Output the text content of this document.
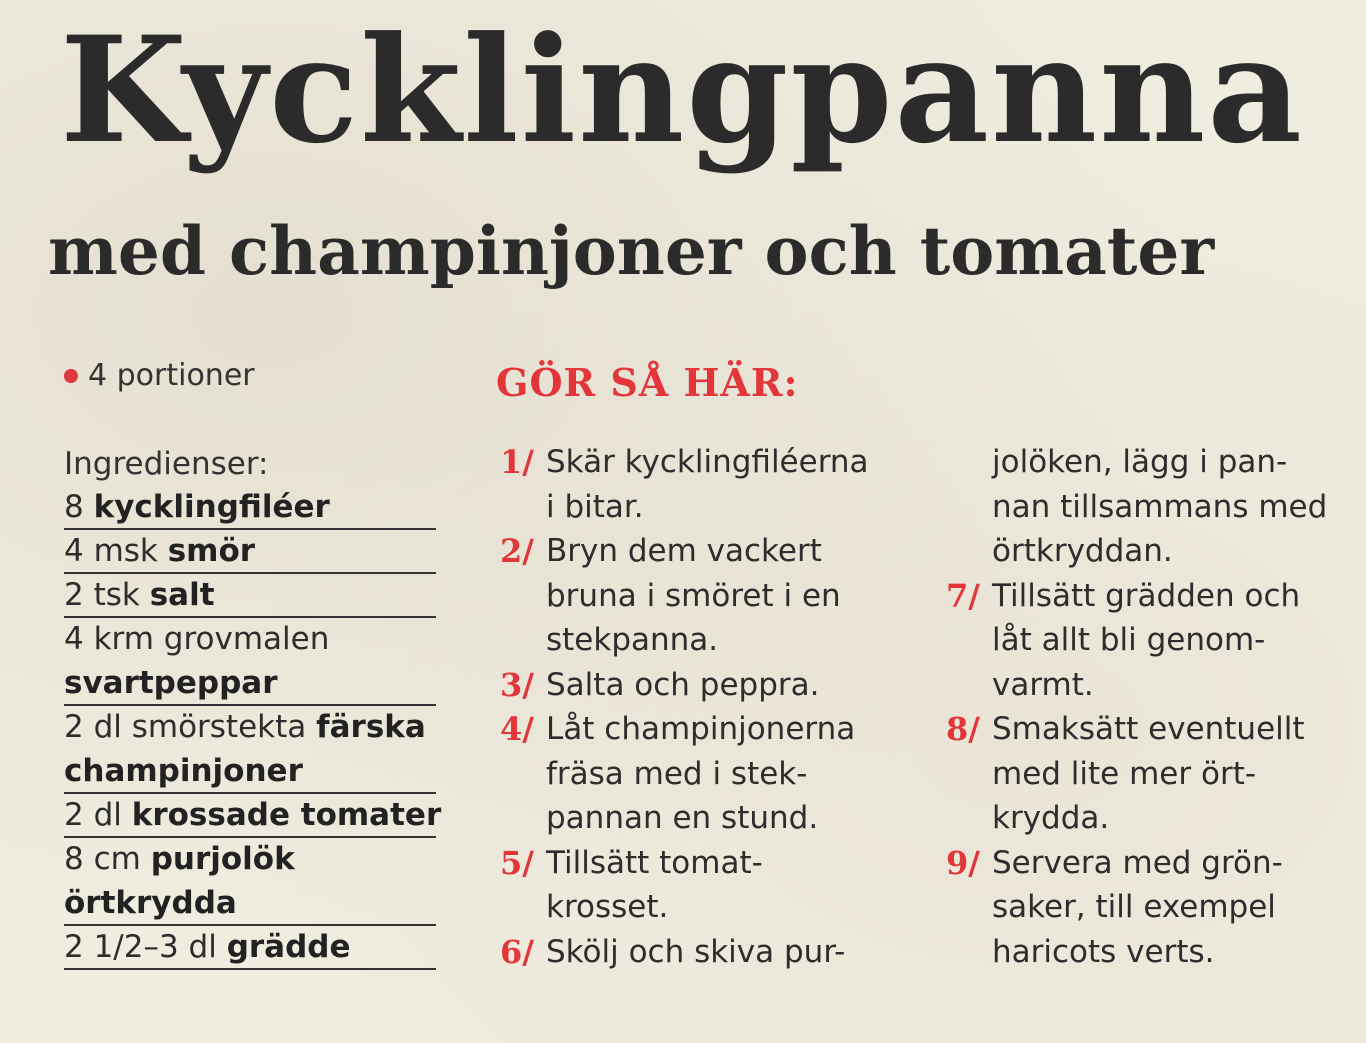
Kycklingpanna
med champinjoner och tomater
4 portioner
Ingredienser:
8 kycklingfiléer
4 msk smör
2 tsk salt
4 krm grovmalen
svartpeppar
2 dl smörstekta färska
champinjoner
2 dl krossade tomater
8 cm purjolök
örtkrydda
2 1/2–3 dl grädde
GÖR SÅ HÄR:
1/ Skär kycklingfiléerna
i bitar.
2/ Bryn dem vackert
bruna i smöret i en
stekpanna.
3/ Salta och peppra.
4/ Låt champinjonerna
fräsa med i stek-
pannan en stund.
5/ Tillsätt tomat-
krosset.
6/ Skölj och skiva pur-
jolöken, lägg i pan-
nan tillsammans med
örtkryddan.
7/ Tillsätt grädden och
låt allt bli genom-
varmt.
8/ Smaksätt eventuellt
med lite mer ört-
krydda.
9/ Servera med grön-
saker, till exempel
haricots verts.
